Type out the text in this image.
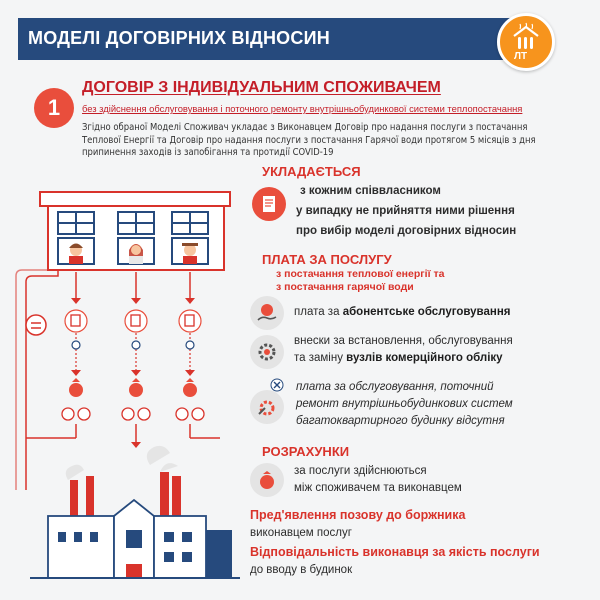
МОДЕЛІ ДОГОВІРНИХ ВІДНОСИН
ЛТ
1
ДОГОВІР З ІНДИВІДУАЛЬНИМ СПОЖИВАЧЕМ
без здійснення обслуговування і поточного ремонту внутрішньобудинкової системи теплопостачання
Згідно обраної Моделі Споживач укладає з Виконавцем Договір про надання послуги з постачання Теплової Енергії та Договір про надання послуги з постачання Гарячої води протягом 5 місяців з дня припинення заходів із запобігання та протидії COVID-19
УКЛАДАЄТЬСЯ
з кожним співвласником
у випадку не прийняття ними рішення
про вибір моделі договірних відносин
ПЛАТА ЗА ПОСЛУГУ
з постачання теплової енергії та
з постачання гарячої води
плата за абонентське обслуговування
внески за встановлення, обслуговування
та заміну вузлів комерційного обліку
плата за обслуговування, поточний
ремонт внутрішньобудинкових систем
багатоквартирного будинку відсутня
РОЗРАХУНКИ
за послуги здійснюються
між споживачем та виконавцем
Пред'явлення позову до боржника
виконавцем послуг
Відповідальність виконавця за якість послуги
до вводу в будинок
